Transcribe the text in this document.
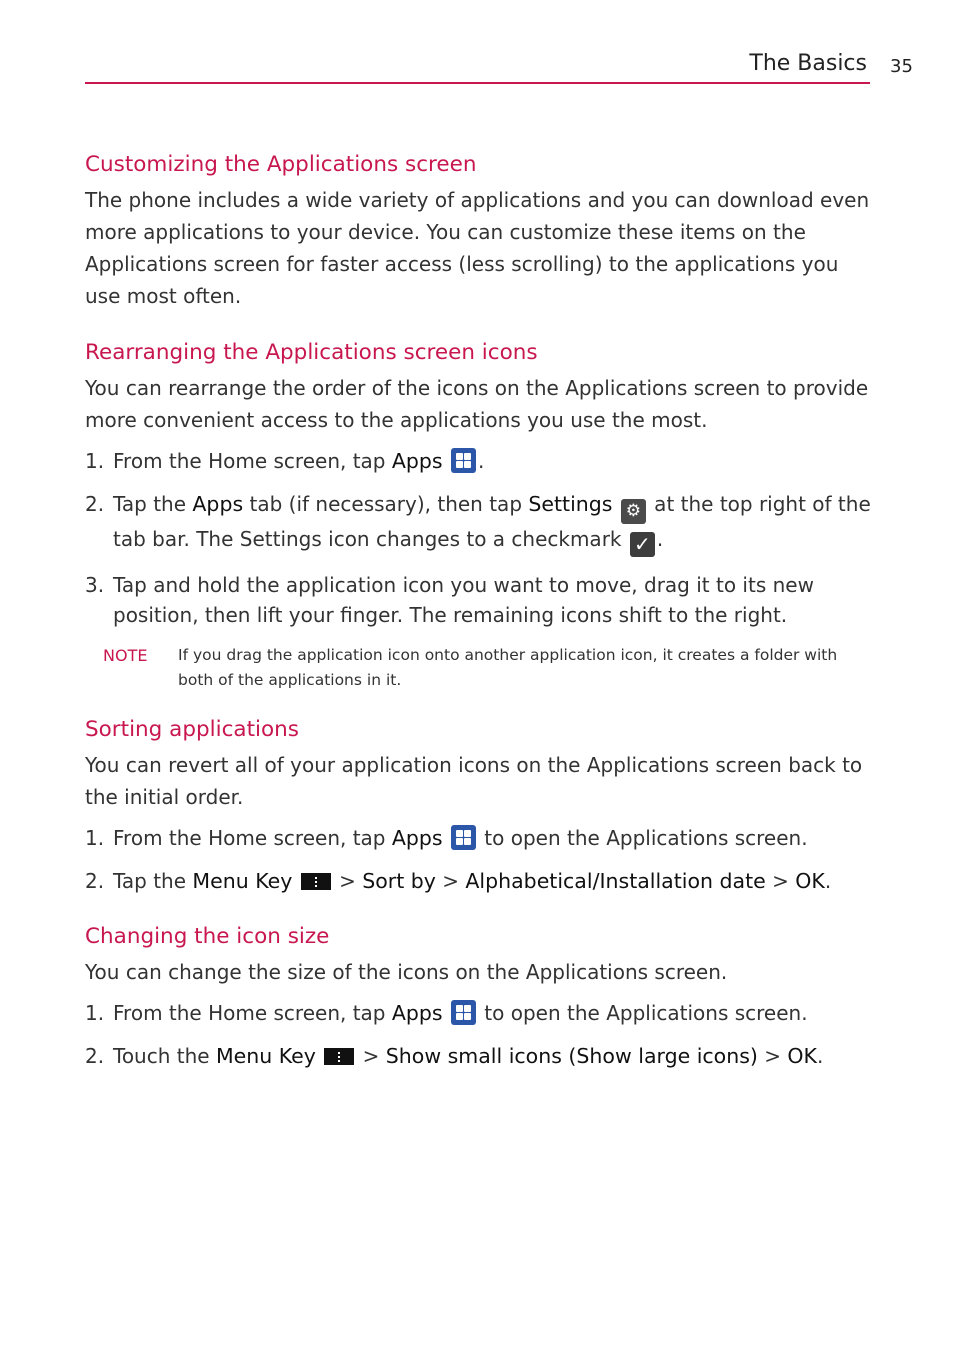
The Basics 35
Customizing the Applications screen

The phone includes a wide variety of applications and you can download even more applications to your device. You can customize these items on the Applications screen for faster access (less scrolling) to the applications you use most often.

Rearranging the Applications screen icons

You can rearrange the order of the icons on the Applications screen to provide more convenient access to the applications you use the most.

1. From the Home screen, tap Apps .
2. Tap the Apps tab (if necessary), then tap Settings ⚙ at the top right of the tab bar. The Settings icon changes to a checkmark ✓ .
3. Tap and hold the application icon you want to move, drag it to its new position, then lift your finger. The remaining icons shift to the right.
NOTE If you drag the application icon onto another application icon, it creates a folder with both of the applications in it.
Sorting applications

You can revert all of your application icons on the Applications screen back to the initial order.

1. From the Home screen, tap Apps
to open the Applications screen.
2. Tap the Menu Key
> Sort by > Alphabetical/Installation date > OK.
Changing the icon size

You can change the size of the icons on the Applications screen.

1. From the Home screen, tap Apps
to open the Applications screen.
2. Touch the Menu Key
> Show small icons (Show large icons) > OK.
